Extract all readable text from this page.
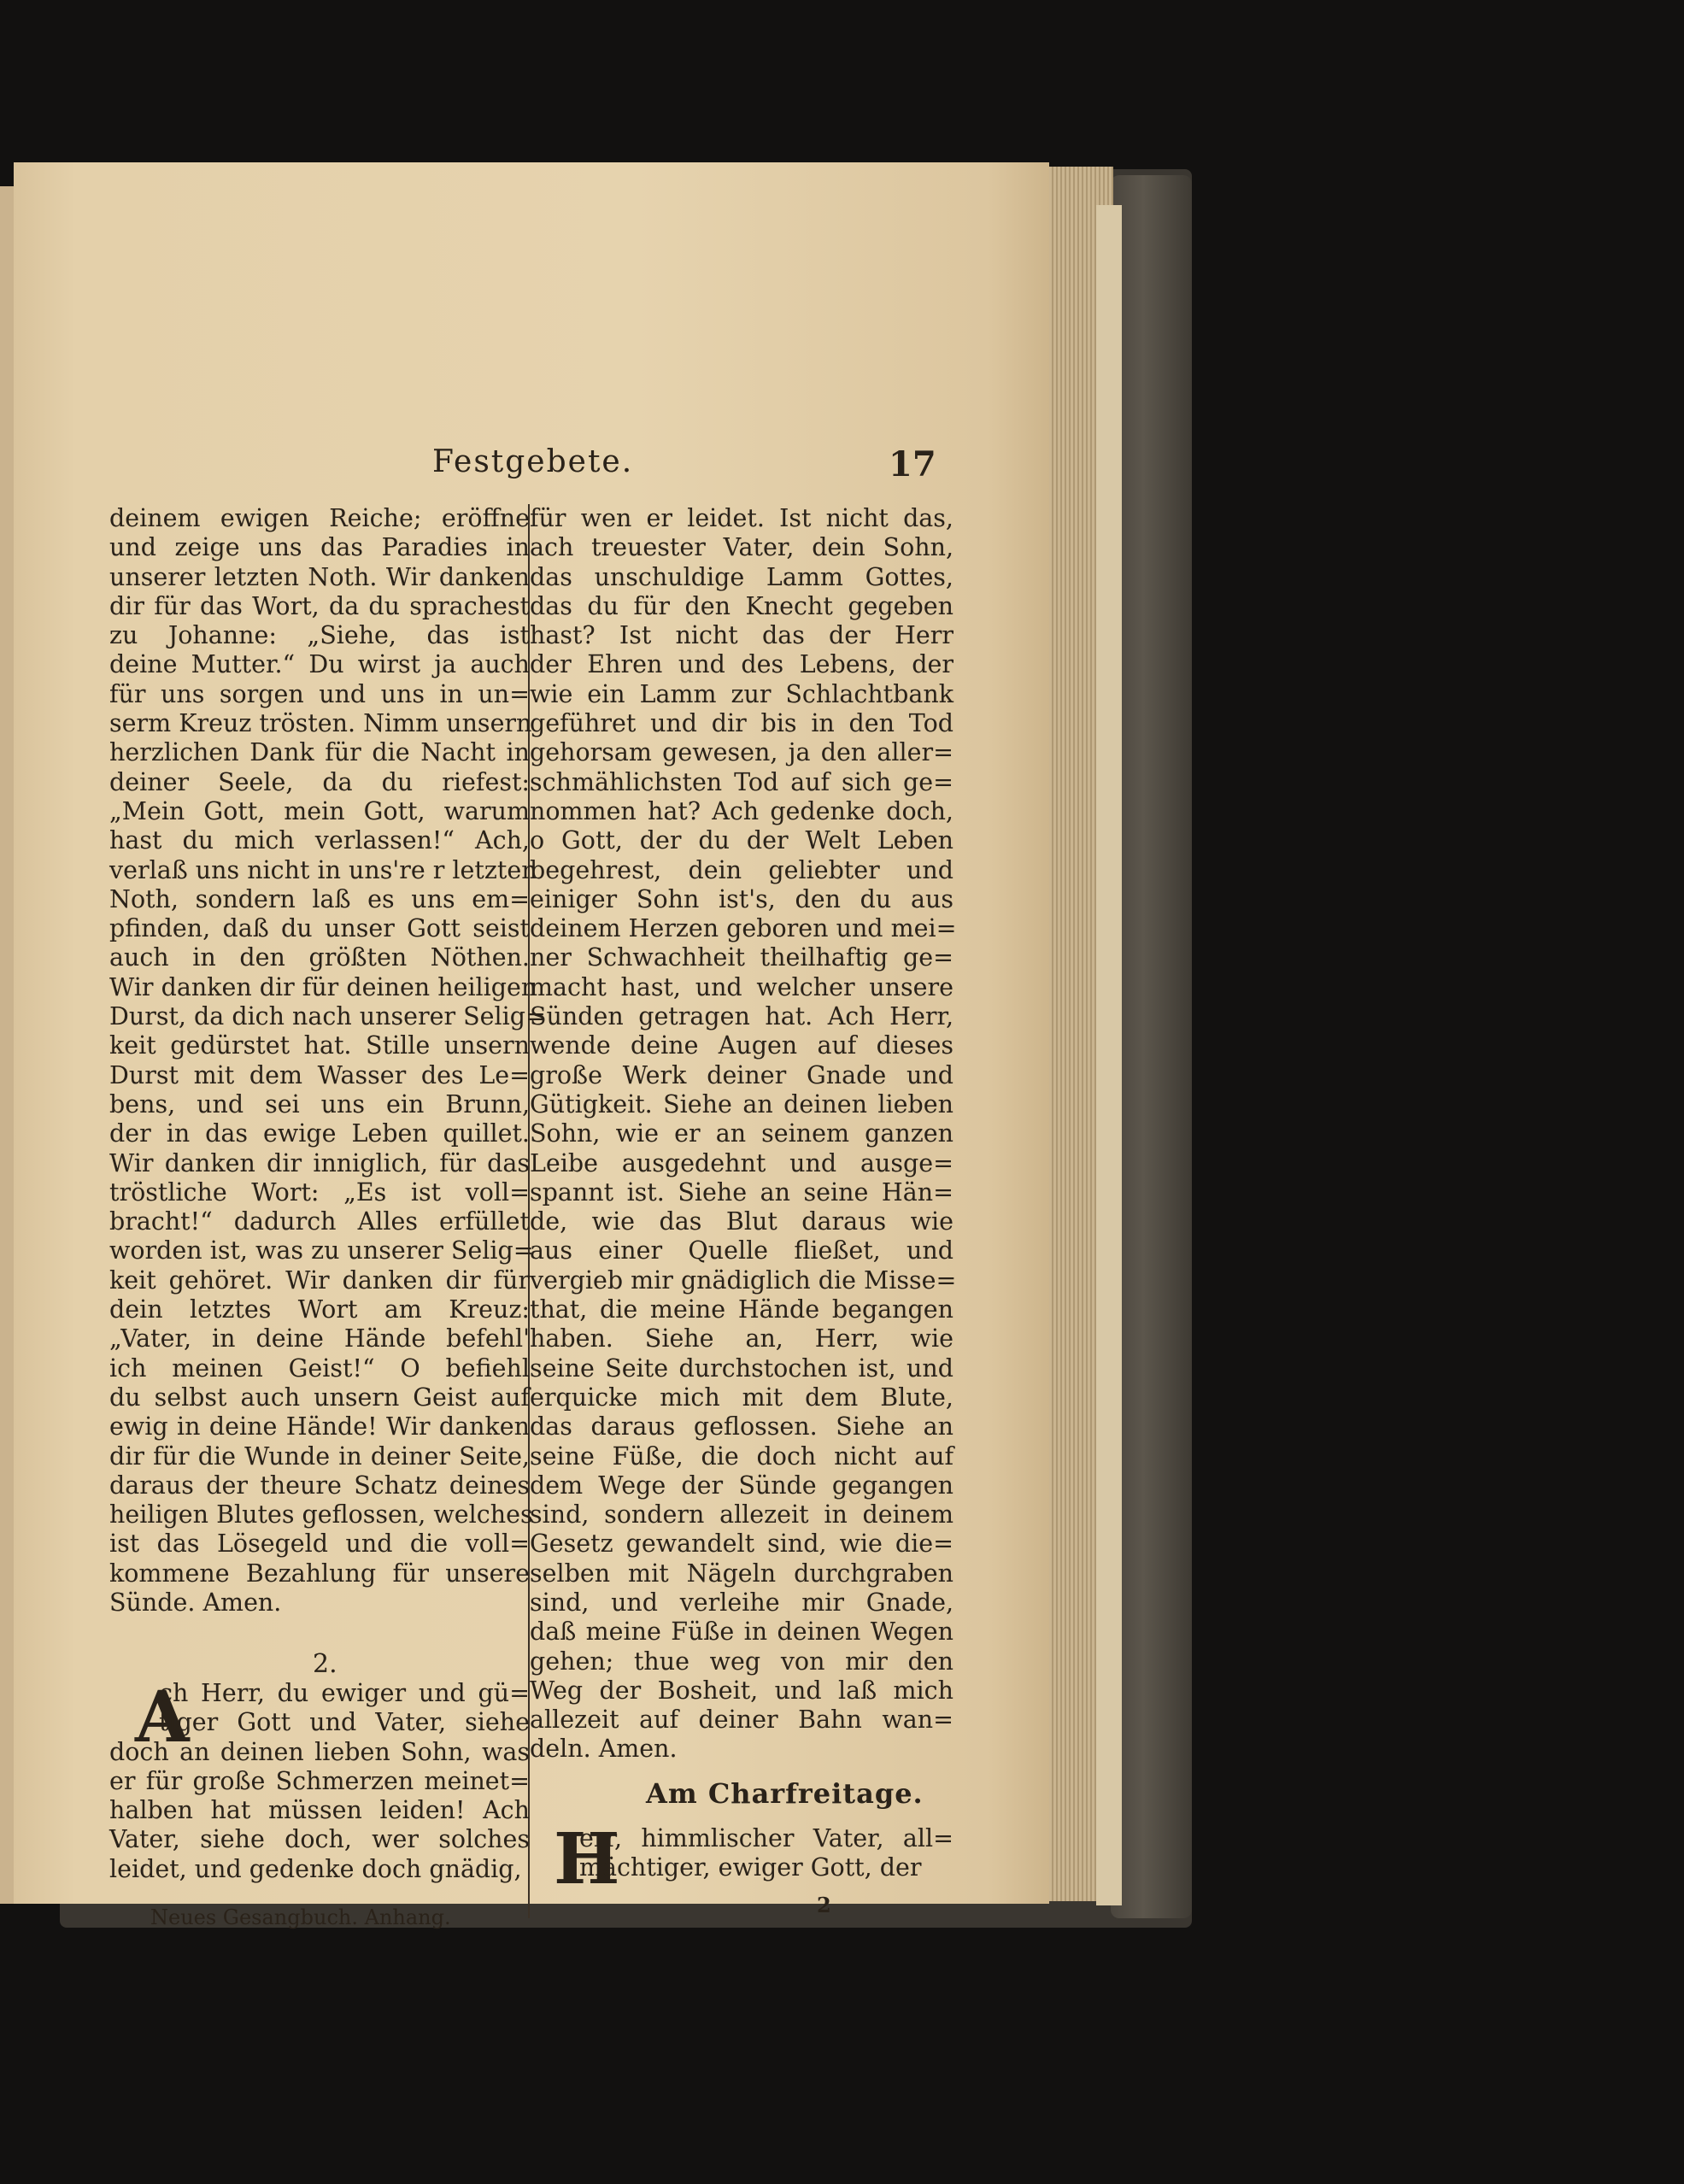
Festgebete.	17
deinem ewigen Reiche; eröffne
und zeige uns das Paradies in
unserer letzten Noth. Wir danken
dir für das Wort, da du sprachest
zu Johanne: „Siehe, das ist
deine Mutter.“ Du wirst ja auch
für uns sorgen und uns in un=
serm Kreuz trösten. Nimm unsern
herzlichen Dank für die Nacht in
deiner Seele, da du riefest:
„Mein Gott, mein Gott, warum
hast du mich verlassen!“ Ach,
verlaß uns nicht in uns're r letzten
Noth, sondern laß es uns em=
pfinden, daß du unser Gott seist
auch in den größten Nöthen.
Wir danken dir für deinen heiligen
Durst, da dich nach unserer Selig=
keit gedürstet hat. Stille unsern
Durst mit dem Wasser des Le=
bens, und sei uns ein Brunn,
der in das ewige Leben quillet.
Wir danken dir inniglich, für das
tröstliche Wort: „Es ist voll=
bracht!“ dadurch Alles erfüllet
worden ist, was zu unserer Selig=
keit gehöret. Wir danken dir für
dein letztes Wort am Kreuz:
„Vater, in deine Hände befehl'
ich meinen Geist!“ O befiehl
du selbst auch unsern Geist auf
ewig in deine Hände! Wir danken
dir für die Wunde in deiner Seite,
daraus der theure Schatz deines
heiligen Blutes geflossen, welches
ist das Lösegeld und die voll=
kommene Bezahlung für unsere
Sünde. Amen.
2.
A
ch Herr, du ewiger und gü=
tiger Gott und Vater, siehe
doch an deinen lieben Sohn, was
er für große Schmerzen meinet=
halben hat müssen leiden! Ach
Vater, siehe doch, wer solches
leidet, und gedenke doch gnädig,
Neues Gesangbuch. Anhang.
für wen er leidet. Ist nicht das,
ach treuester Vater, dein Sohn,
das unschuldige Lamm Gottes,
das du für den Knecht gegeben
hast? Ist nicht das der Herr
der Ehren und des Lebens, der
wie ein Lamm zur Schlachtbank
geführet und dir bis in den Tod
gehorsam gewesen, ja den aller=
schmählichsten Tod auf sich ge=
nommen hat? Ach gedenke doch,
o Gott, der du der Welt Leben
begehrest, dein geliebter und
einiger Sohn ist's, den du aus
deinem Herzen geboren und mei=
ner Schwachheit theilhaftig ge=
macht hast, und welcher unsere
Sünden getragen hat. Ach Herr,
wende deine Augen auf dieses
große Werk deiner Gnade und
Gütigkeit. Siehe an deinen lieben
Sohn, wie er an seinem ganzen
Leibe ausgedehnt und ausge=
spannt ist. Siehe an seine Hän=
de, wie das Blut daraus wie
aus einer Quelle fließet, und
vergieb mir gnädiglich die Misse=
that, die meine Hände begangen
haben. Siehe an, Herr, wie
seine Seite durchstochen ist, und
erquicke mich mit dem Blute,
das daraus geflossen. Siehe an
seine Füße, die doch nicht auf
dem Wege der Sünde gegangen
sind, sondern allezeit in deinem
Gesetz gewandelt sind, wie die=
selben mit Nägeln durchgraben
sind, und verleihe mir Gnade,
daß meine Füße in deinen Wegen
gehen; thue weg von mir den
Weg der Bosheit, und laß mich
allezeit auf deiner Bahn wan=
deln. Amen.
Am Charfreitage.
H
err, himmlischer Vater, all=
mächtiger, ewiger Gott, der
2
